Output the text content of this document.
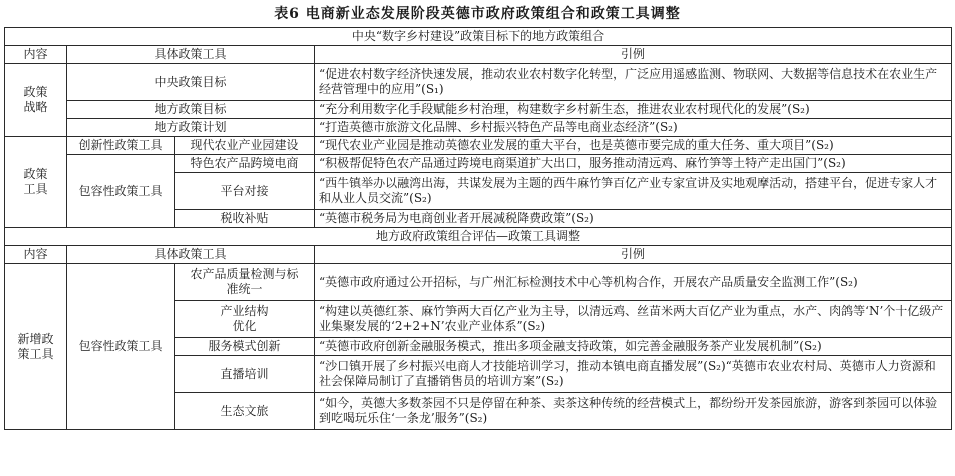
表6 电商新业态发展阶段英德市政府政策组合和政策工具调整
中央“数字乡村建设”政策目标下的地方政策组合			
内容	具体政策工具		引例
政策战略	中央政策目标		“促进农村数字经济快速发展，推动农业农村数字化转型，广泛应用遥感监测、物联网、大数据等信息技术在农业生产经营管理中的应用”(S₁)
	地方政策目标		“充分利用数字化手段赋能乡村治理，构建数字乡村新生态，推进农业农村现代化的发展”(S₂)
	地方政策计划		“打造英德市旅游文化品牌、乡村振兴特色产品等电商业态经济”(S₂)
政策工具	创新性政策工具	现代农业产业园建设	“现代农业产业园是推动英德农业发展的重大平台，也是英德市要完成的重大任务、重大项目”(S₂)
	包容性政策工具	特色农产品跨境电商	“积极帮促特色农产品通过跨境电商渠道扩大出口，服务推动清远鸡、麻竹笋等土特产走出国门”(S₂)
		平台对接	“西牛镇举办以融湾出海，共谋发展为主题的西牛麻竹笋百亿产业专家宣讲及实地观摩活动，搭建平台，促进专家人才和从业人员交流”(S₂)
		税收补贴	“英德市税务局为电商创业者开展减税降费政策”(S₂)
地方政府政策组合评估—政策工具调整			
内容	具体政策工具		引例
新增政策工具	包容性政策工具	农产品质量检测与标准统一	“英德市政府通过公开招标，与广州汇标检测技术中心等机构合作，开展农产品质量安全监测工作”(S₂)
		产业结构优化	“构建以英德红茶、麻竹笋两大百亿产业为主导，以清远鸡、丝苗米两大百亿产业为重点，水产、肉鸽等‘N’个十亿级产业集聚发展的‘2+2+N’农业产业体系”(S₂)
		服务模式创新	“英德市政府创新金融服务模式，推出多项金融支持政策，如完善金融服务茶产业发展机制”(S₂)
		直播培训	“沙口镇开展了乡村振兴电商人才技能培训学习，推动本镇电商直播发展”(S₂)“英德市农业农村局、英德市人力资源和社会保障局制订了直播销售员的培训方案”(S₂)
		生态文旅	“如今，英德大多数茶园不只是停留在种茶、卖茶这种传统的经营模式上，都纷纷开发茶园旅游，游客到茶园可以体验到吃喝玩乐住‘一条龙’服务”(S₂)
